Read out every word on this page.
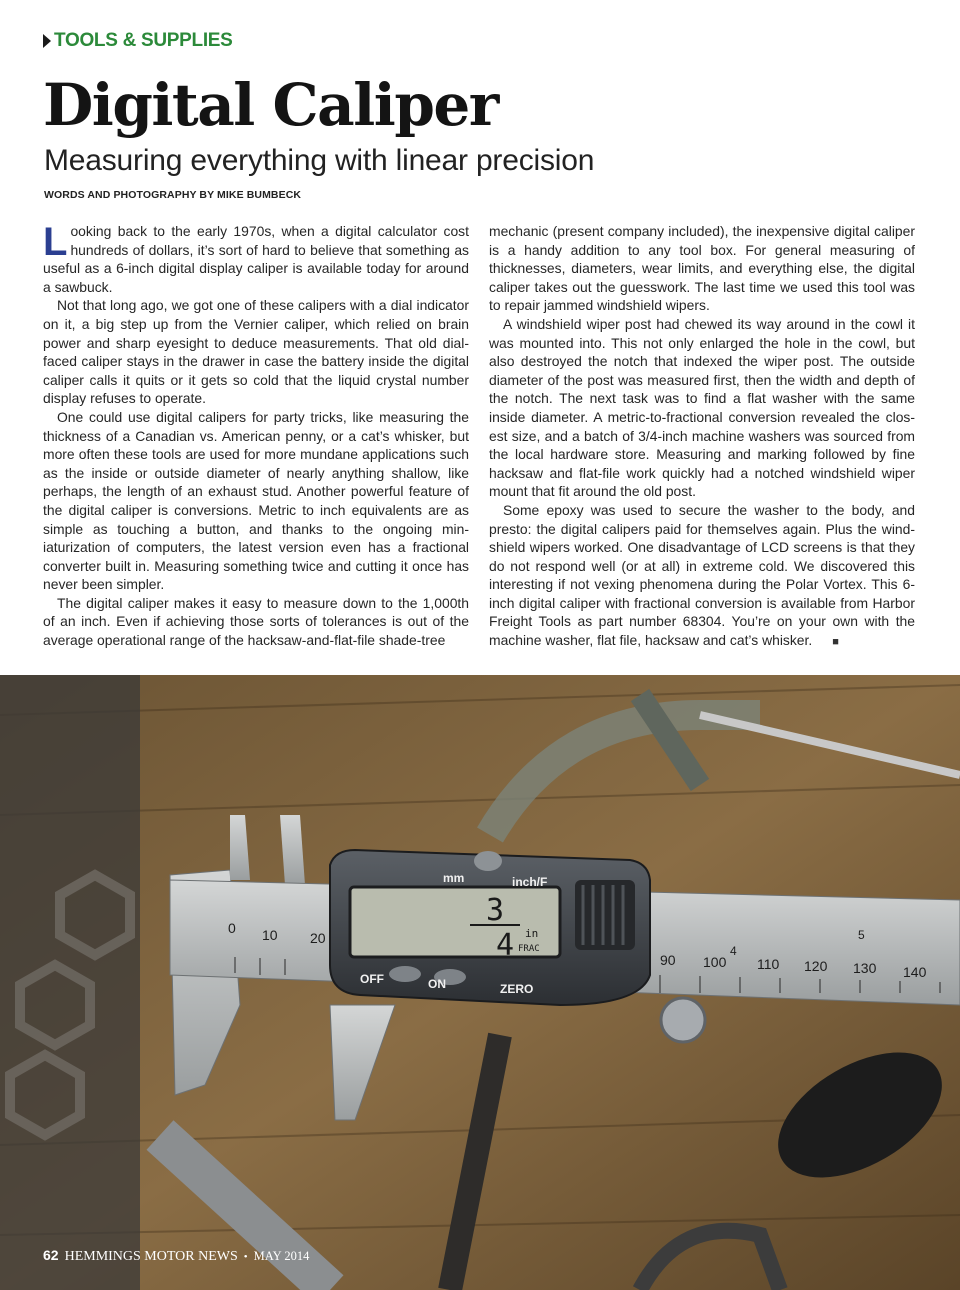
TOOLS & SUPPLIES
Digital Caliper
Measuring everything with linear precision
WORDS AND PHOTOGRAPHY BY MIKE BUMBECK

Looking back to the early 1970s, when a digital calculator cost hundreds of dollars, it’s sort of hard to believe that something as useful as a 6-inch digital display caliper is available today for around a sawbuck.

Not that long ago, we got one of these calipers with a dial indicator on it, a big step up from the Vernier caliper, which relied on brain power and sharp eyesight to deduce measurements. That old dial-faced caliper stays in the drawer in case the battery inside the digital caliper calls it quits or it gets so cold that the liquid crystal number display refuses to operate.

One could use digital calipers for party tricks, like measuring the thickness of a Canadian vs. American penny, or a cat’s whisker, but more often these tools are used for more mundane applications such as the inside or outside diameter of nearly anything shallow, like perhaps, the length of an exhaust stud. Another powerful feature of the digital caliper is conversions. Metric to inch equivalents are as simple as touching a button, and thanks to the ongoing miniaturization of computers, the latest version even has a fractional converter built in. Measuring something twice and cutting it once has never been simpler.

The digital caliper makes it easy to measure down to the 1,000th of an inch. Even if achieving those sorts of tolerances is out of the average operational range of the hacksaw-and-flat-file shade-tree

mechanic (present company included), the inexpensive digital caliper is a handy addition to any tool box. For general measuring of thicknesses, diameters, wear limits, and everything else, the digital caliper takes out the guesswork. The last time we used this tool was to repair jammed windshield wipers.

A windshield wiper post had chewed its way around in the cowl it was mounted into. This not only enlarged the hole in the cowl, but also destroyed the notch that indexed the wiper post. The outside diameter of the post was measured first, then the width and depth of the notch. The next task was to find a flat washer with the same inside diameter. A metric-to-fractional conversion revealed the closest size, and a batch of 3/4-inch machine washers was sourced from the local hardware store. Measuring and marking followed by fine hacksaw and flat-file work quickly had a notched windshield wiper mount that fit around the old post.

Some epoxy was used to secure the washer to the body, and presto: the digital calipers paid for themselves again. Plus the windshield wipers worked. One disadvantage of LCD screens is that they do not respond well (or at all) in extreme cold. We discovered this interesting if not vexing phenomena during the Polar Vortex. This 6-inch digital caliper with fractional conversion is available from Harbor Freight Tools as part number 68304. You’re on your own with the machine washer, flat file, hacksaw and cat’s whisker. ■

0 10 20
90 100 110 120 130 140
4
5
3
4 in
FRAC
mm	inch/F
OFF	ON	ZERO
62 HEMMINGS MOTOR NEWS • MAY 2014
